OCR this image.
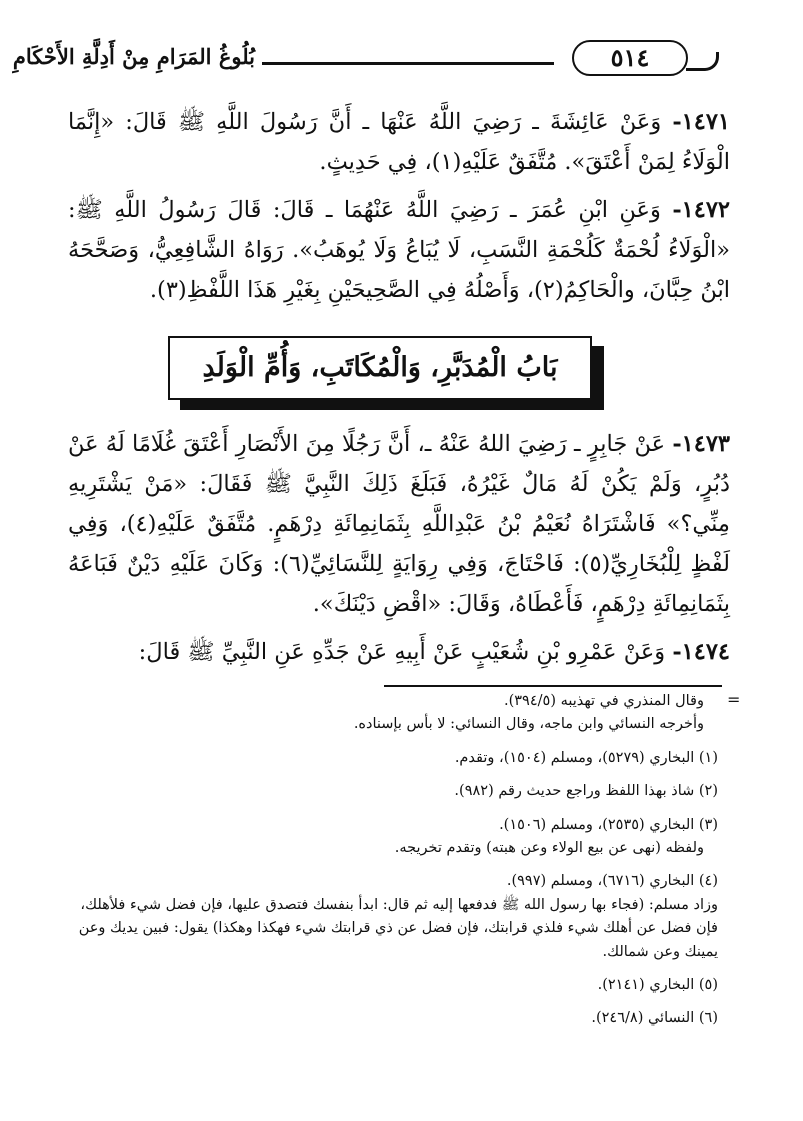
بُلُوغُ المَرَامِ مِنْ أَدِلَّةِ الأَحْكَامِ	٥١٤
١٤٧١- وَعَنْ عَائِشَةَ ـ رَضِيَ اللَّهُ عَنْهَا ـ أَنَّ رَسُولَ اللَّهِ ﷺ قَالَ: «إِنَّمَا الْوَلَاءُ لِمَنْ أَعْتَقَ». مُتَّفَقٌ عَلَيْهِ(١)، فِي حَدِيثٍ.
١٤٧٢- وَعَنِ ابْنِ عُمَرَ ـ رَضِيَ اللَّهُ عَنْهُمَا ـ قَالَ: قَالَ رَسُولُ اللَّهِ ﷺ: «الْوَلَاءُ لُحْمَةٌ كَلُحْمَةِ النَّسَبِ، لَا يُبَاعُ وَلَا يُوهَبُ». رَوَاهُ الشَّافِعِيُّ، وَصَحَّحَهُ ابْنُ حِبَّانَ، والْحَاكِمُ(٢)، وَأَصْلُهُ فِي الصَّحِيحَيْنِ بِغَيْرِ هَذَا اللَّفْظِ(٣).
بَابُ الْمُدَبَّرِ، وَالْمُكَاتَبِ، وَأُمِّ الْوَلَدِ
١٤٧٣- عَنْ جَابِرٍ ـ رَضِيَ اللهُ عَنْهُ ـ، أَنَّ رَجُلًا مِنَ الأَنْصَارِ أَعْتَقَ غُلَامًا لَهُ عَنْ دُبُرٍ، وَلَمْ يَكُنْ لَهُ مَالٌ غَيْرُهُ، فَبَلَغَ ذَلِكَ النَّبِيَّ ﷺ فَقَالَ: «مَنْ يَشْتَرِيهِ مِنِّي؟» فَاشْتَرَاهُ نُعَيْمُ بْنُ عَبْدِاللَّهِ بِثَمَانِمِائَةِ دِرْهَمٍ. مُتَّفَقٌ عَلَيْهِ(٤)، وَفِي لَفْظٍ لِلْبُخَارِيِّ(٥): فَاحْتَاجَ، وَفِي رِوَايَةٍ لِلنَّسَائِيِّ(٦): وَكَانَ عَلَيْهِ دَيْنٌ فَبَاعَهُ بِثَمَانِمِائَةِ دِرْهَمٍ، فَأَعْطَاهُ، وَقَالَ: «اقْضِ دَيْنَكَ».
١٤٧٤- وَعَنْ عَمْرِو بْنِ شُعَيْبٍ عَنْ أَبِيهِ عَنْ جَدِّهِ عَنِ النَّبِيِّ ﷺ قَالَ:
=

وقال المنذري في تهذيبه (٣٩٤/٥).

وأخرجه النسائي وابن ماجه، وقال النسائي: لا بأس بإسناده.

(١) البخاري (٥٢٧٩)، ومسلم (١٥٠٤)، وتقدم.

(٢) شاذ بهذا اللفظ وراجع حديث رقم (٩٨٢).

(٣) البخاري (٢٥٣٥)، ومسلم (١٥٠٦).

ولفظه (نهى عن بيع الولاء وعن هبته) وتقدم تخريجه.

(٤) البخاري (٦٧١٦)، ومسلم (٩٩٧).

وزاد مسلم: (فجاء بها رسول الله ﷺ فدفعها إليه ثم قال: ابدأ بنفسك فتصدق عليها، فإن فضل شيء فلأهلك، فإن فضل عن أهلك شيء فلذي قرابتك، فإن فضل عن ذي قرابتك شيء فهكذا وهكذا) يقول: فبين يديك وعن يمينك وعن شمالك.

(٥) البخاري (٢١٤١).

(٦) النسائي (٢٤٦/٨).
